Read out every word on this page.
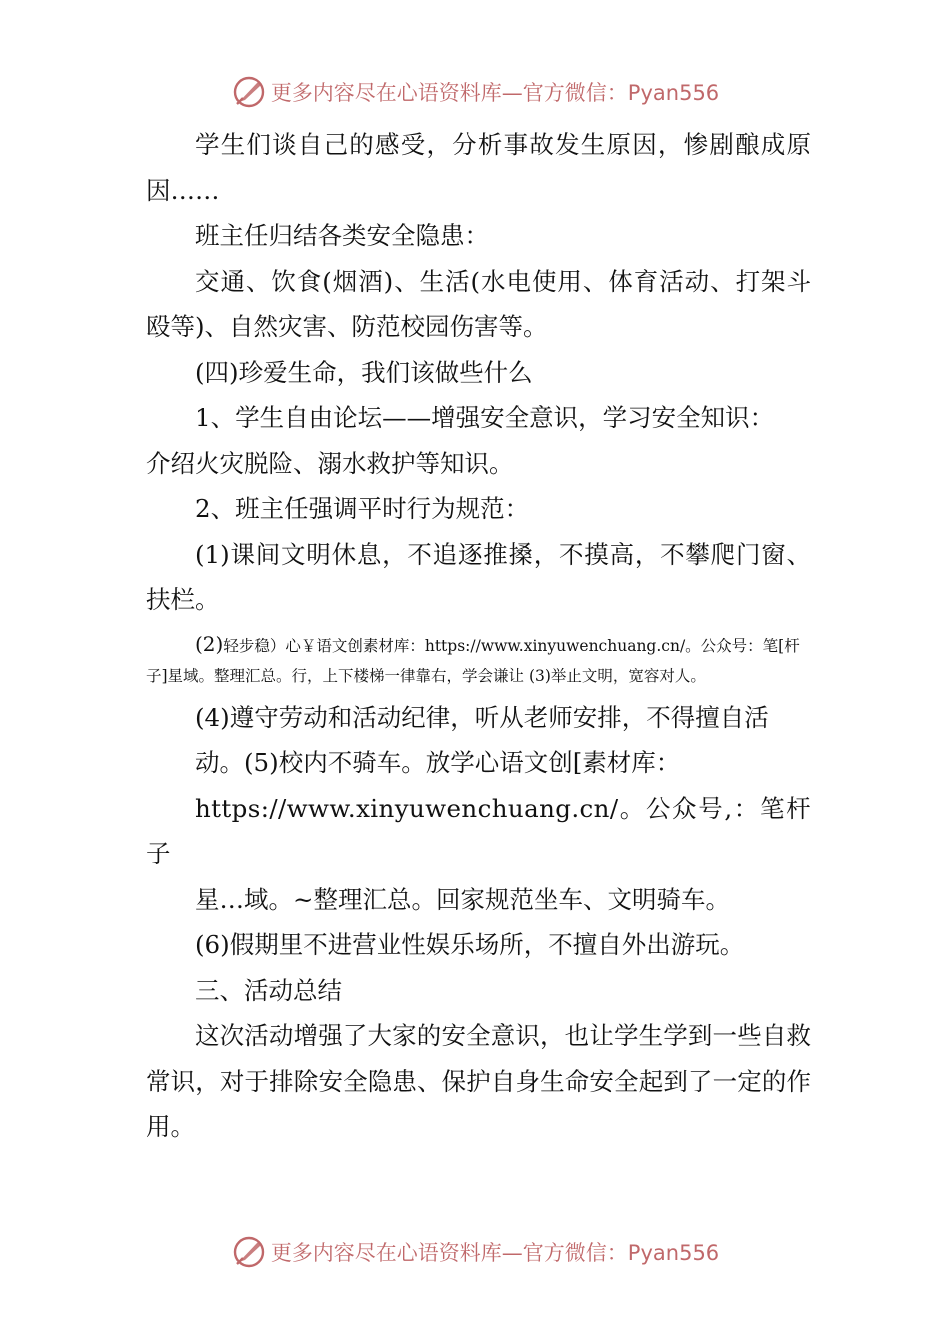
更多内容尽在心语资料库—官方微信：Pyan556

学生们谈自己的感受，分析事故发生原因，惨剧酿成原因……

班主任归结各类安全隐患：

交通、饮食(烟酒)、生活(水电使用、体育活动、打架斗殴等)、自然灾害、防范校园伤害等。

(四)珍爱生命，我们该做些什么

1、学生自由论坛——增强安全意识，学习安全知识：

介绍火灾脱险、溺水救护等知识。

2、班主任强调平时行为规范：

(1)课间文明休息，不追逐推搡，不摸高，不攀爬门窗、扶栏。

(2)轻步稳）心￥语文创素材库：https://www.xinyuwenchuang.cn/。公众号：笔[杆子]星域。整理汇总。行，上下楼梯一律靠右，学会谦让 (3)举止文明，宽容对人。

(4)遵守劳动和活动纪律，听从老师安排，不得擅自活

动。(5)校内不骑车。放学心语文创[素材库：

https://www.xinyuwenchuang.cn/。公众号,：笔杆子

星…域。~整理汇总。回家规范坐车、文明骑车。

(6)假期里不进营业性娱乐场所，不擅自外出游玩。

三、活动总结

这次活动增强了大家的安全意识，也让学生学到一些自救常识，对于排除安全隐患、保护自身生命安全起到了一定的作用。

更多内容尽在心语资料库—官方微信：Pyan556
